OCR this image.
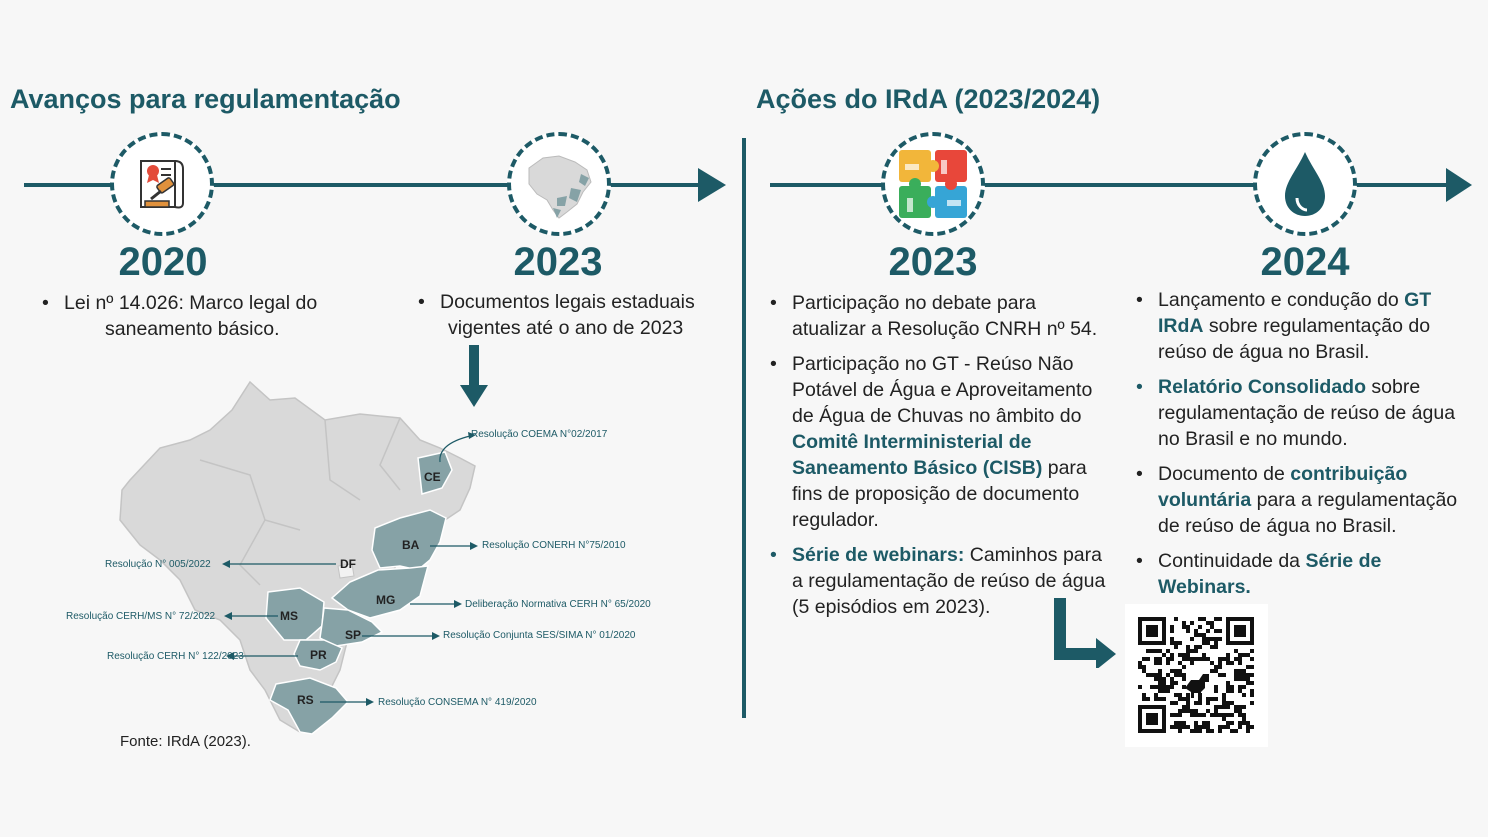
Avanços para regulamentação
2020
• Lei nº 14.026: Marco legal do
saneamento básico.
2023
• Documentos legais estaduais
vigentes até o ano de 2023
CE
BA
DF
MG
MS
SP
PR
RS
Resolução COEMA N°02/2017
Resolução CONERH N°75/2010
Resolução N° 005/2022
Deliberação Normativa CERH N° 65/2020
Resolução CERH/MS N° 72/2022
Resolução Conjunta SES/SIMA N° 01/2020
Resolução CERH N° 122/2023
Resolução CONSEMA N° 419/2020
Fonte: IRdA (2023).
Ações do IRdA (2023/2024)
2023	2024
• Participação no debate para atualizar a Resolução CNRH nº 54.
• Participação no GT - Reúso Não Potável de Água e Aproveitamento de Água de Chuvas no âmbito do Comitê Interministerial de Saneamento Básico (CISB) para fins de proposição de documento regulador.
• Série de webinars: Caminhos para a regulamentação de reúso de água (5 episódios em 2023).
• Lançamento e condução do GT IRdA sobre regulamentação do reúso de água no Brasil.
• Relatório Consolidado sobre regulamentação de reúso de água no Brasil e no mundo.
• Documento de contribuição voluntária para a regulamentação de reúso de água no Brasil.
• Continuidade da Série de Webinars.
